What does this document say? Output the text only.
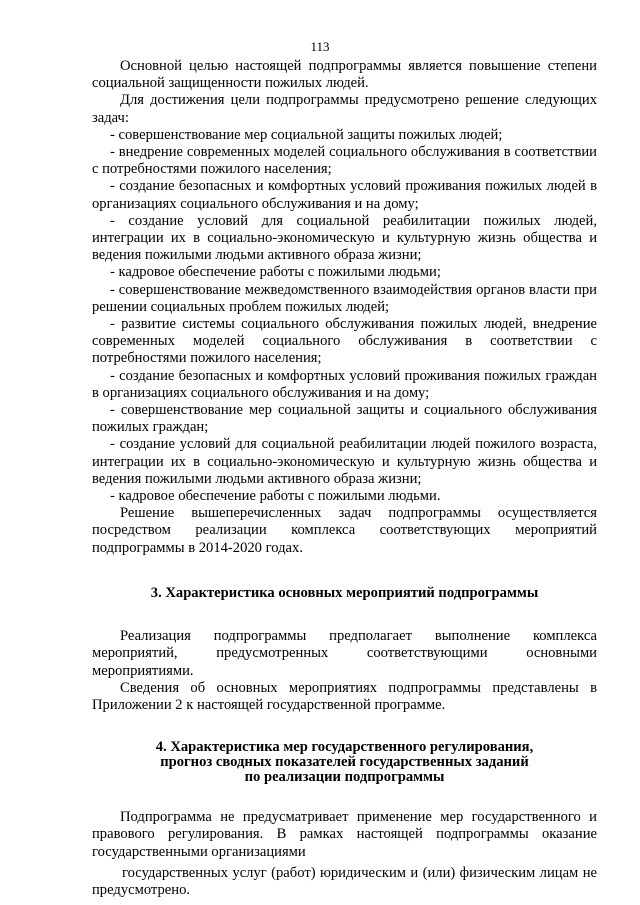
113

Основной целью настоящей подпрограммы является повышение степени социальной защищенности пожилых людей.

Для достижения цели подпрограммы предусмотрено решение следующих задач:

- совершенствование мер социальной защиты пожилых людей;

- внедрение современных моделей социального обслуживания в соответствии с потребностями пожилого населения;

- создание безопасных и комфортных условий проживания пожилых людей в организациях социального обслуживания и на дому;

- создание условий для социальной реабилитации пожилых людей, интеграции их в социально-экономическую и культурную жизнь общества и ведения пожилыми людьми активного образа жизни;

- кадровое обеспечение работы с пожилыми людьми;

- совершенствование межведомственного взаимодействия органов власти при решении социальных проблем пожилых людей;

- развитие системы социального обслуживания пожилых людей, внедрение современных моделей социального обслуживания в соответствии с потребностями пожилого населения;

- создание безопасных и комфортных условий проживания пожилых граждан в организациях социального обслуживания и на дому;

- совершенствование мер социальной защиты и социального обслуживания пожилых граждан;

- создание условий для социальной реабилитации людей пожилого возраста, интеграции их в социально-экономическую и культурную жизнь общества и ведения пожилыми людьми активного образа жизни;

- кадровое обеспечение работы с пожилыми людьми.

Решение вышеперечисленных задач подпрограммы осуществляется посредством реализации комплекса соответствующих мероприятий подпрограммы в 2014-2020 годах.

3. Характеристика основных мероприятий подпрограммы

Реализация подпрограммы предполагает выполнение комплекса мероприятий, предусмотренных соответствующими основными мероприятиями.

Сведения об основных мероприятиях подпрограммы представлены в Приложении 2 к настоящей государственной программе.

4. Характеристика мер государственного регулирования,
прогноз сводных показателей государственных заданий
по реализации подпрограммы

Подпрограмма не предусматривает применение мер государственного и правового регулирования. В рамках настоящей подпрограммы оказание государственными организациями

государственных услуг (работ) юридическим и (или) физическим лицам не предусмотрено.
